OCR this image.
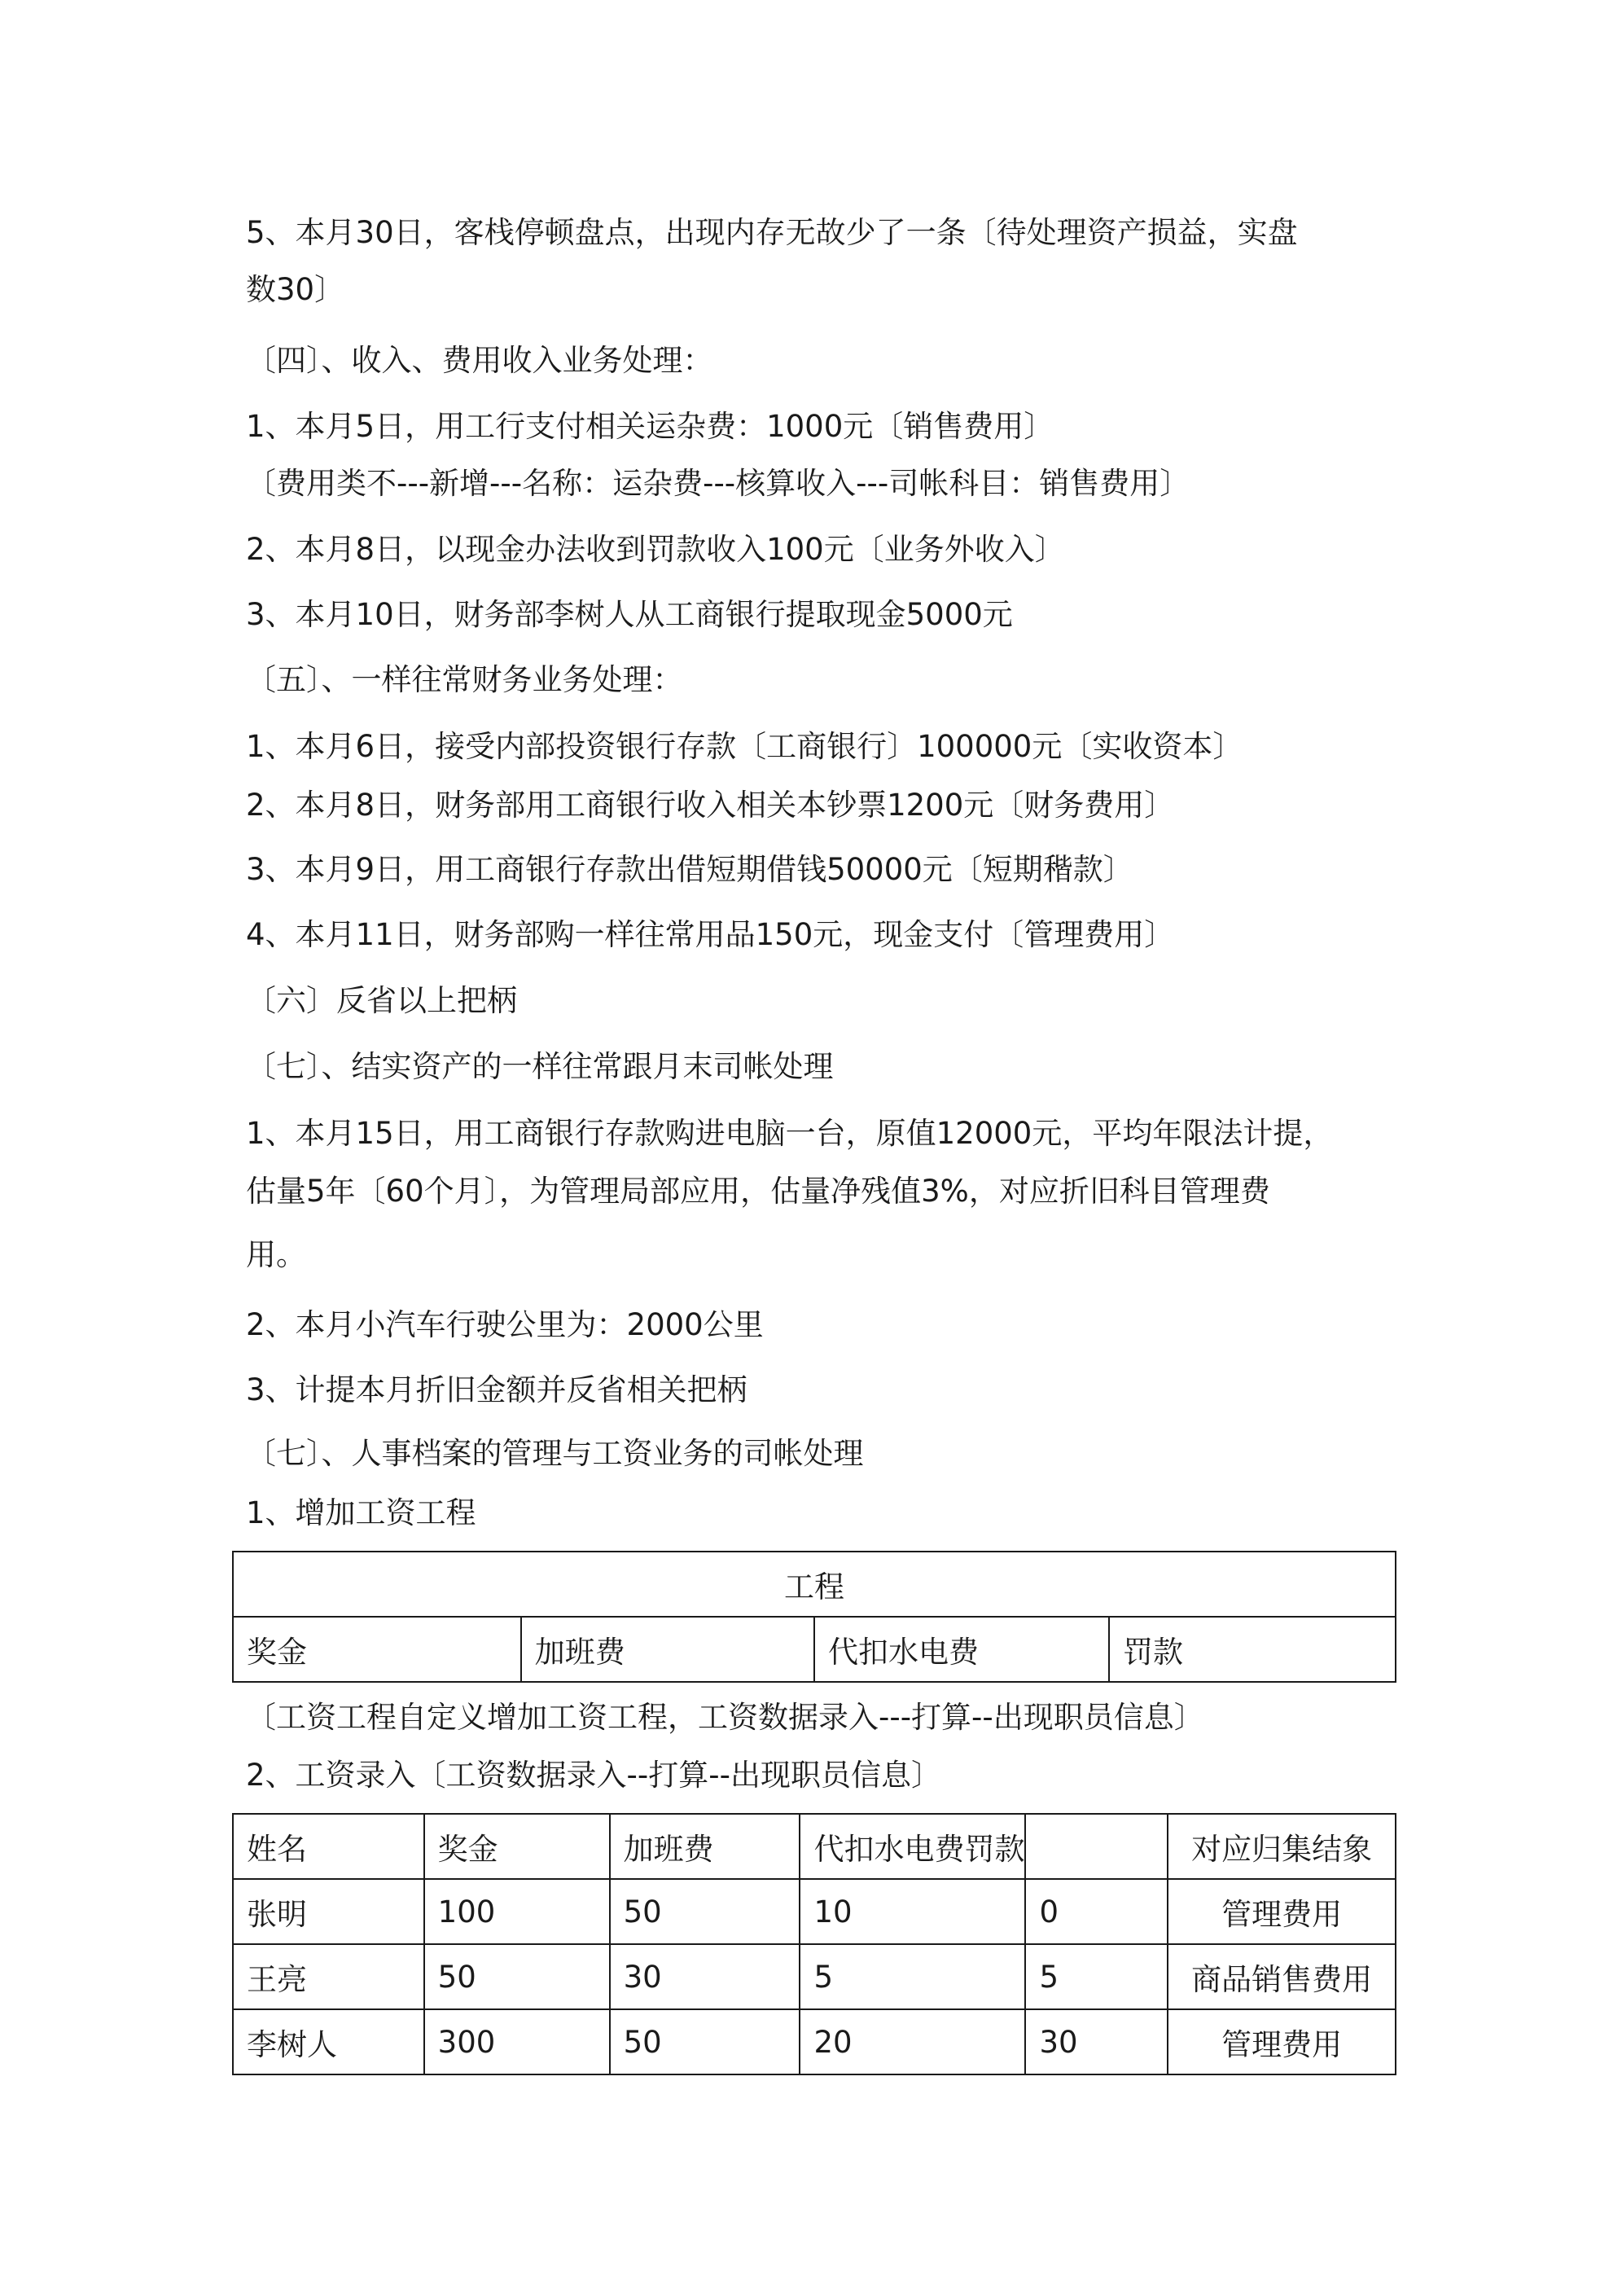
5、本月30日，客栈停顿盘点，出现内存无故少了一条〔待处理资产损益，实盘

数30〕

〔四〕、收入、费用收入业务处理：

1、本月5日，用工行支付相关运杂费：1000元〔销售费用〕

〔费用类不---新增---名称：运杂费---核算收入---司帐科目：销售费用〕

2、本月8日，以现金办法收到罚款收入100元〔业务外收入〕

3、本月10日，财务部李树人从工商银行提取现金5000元

〔五〕、一样往常财务业务处理：

1、本月6日，接受内部投资银行存款〔工商银行〕100000元〔实收资本〕

2、本月8日，财务部用工商银行收入相关本钞票1200元〔财务费用〕

3、本月9日，用工商银行存款出借短期借钱50000元〔短期稭款〕

4、本月11日，财务部购一样往常用品150元，现金支付〔管理费用〕

〔六〕反省以上把柄

〔七〕、结实资产的一样往常跟月末司帐处理

1、本月15日，用工商银行存款购进电脑一台，原值12000元，平均年限法计提，

估量5年〔60个月〕，为管理局部应用，估量净残值3%，对应折旧科目管理费

用。

2、本月小汽车行驶公里为：2000公里

3、计提本月折旧金额并反省相关把柄

〔七〕、人事档案的管理与工资业务的司帐处理

1、增加工资工程

工程
奖金	加班费	代扣水电费	罚款

〔工资工程自定义增加工资工程，工资数据录入---打算--出现职员信息〕

2、工资录入〔工资数据录入--打算--出现职员信息〕

姓名	奖金	加班费	代扣水电费罚款		对应归集结象
张明	100	50	10	0	管理费用
王亮	50	30	5	5	商品销售费用
李树人	300	50	20	30	管理费用
